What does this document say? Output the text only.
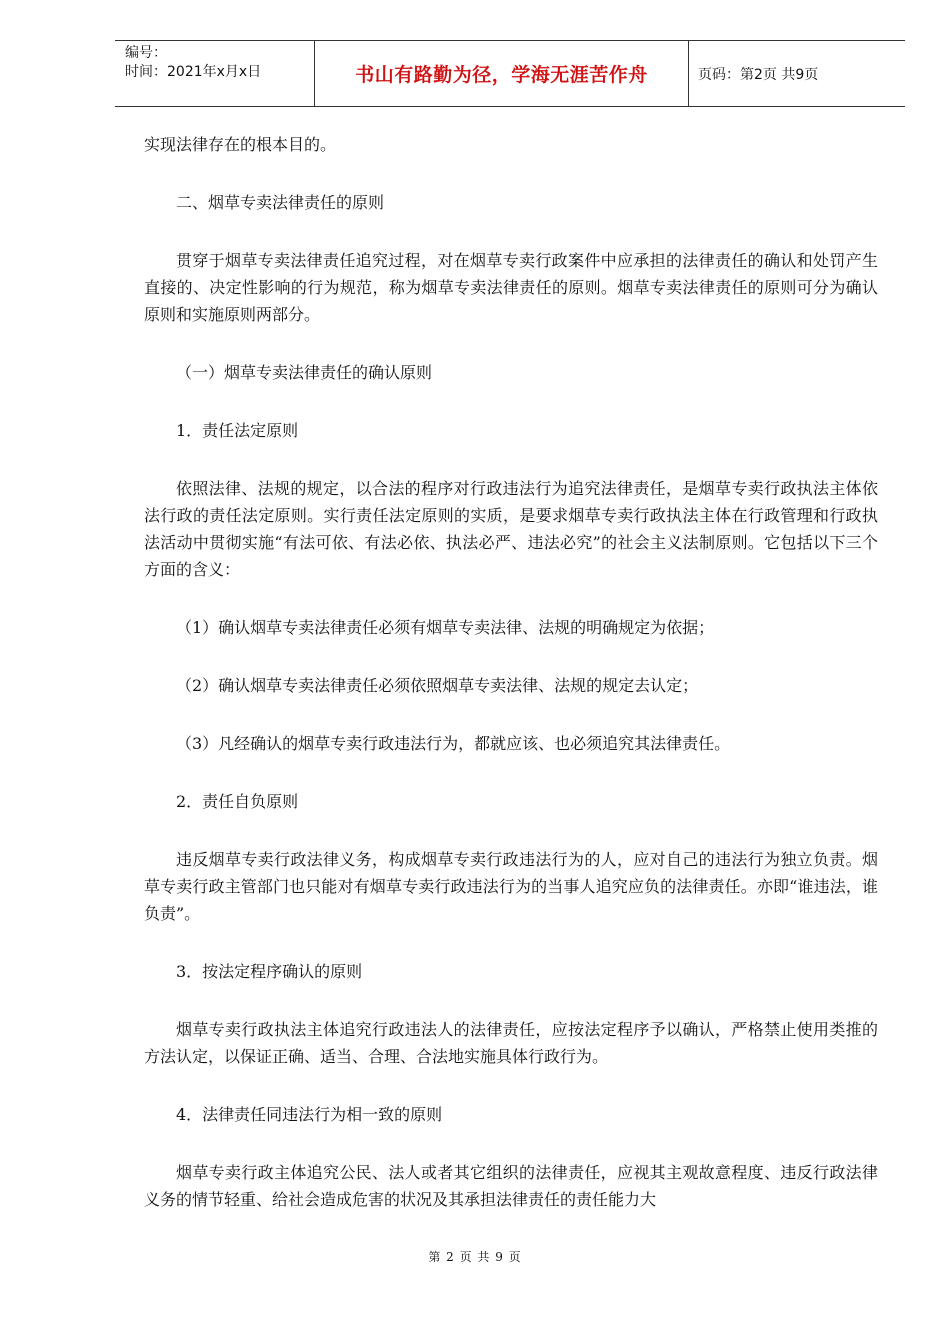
编号：
时间：2021年x月x日	书山有路勤为径，学海无涯苦作舟	页码：第2页 共9页

实现法律存在的根本目的。

二、烟草专卖法律责任的原则

贯穿于烟草专卖法律责任追究过程，对在烟草专卖行政案件中应承担的法律责任的确认和处罚产生直接的、决定性影响的行为规范，称为烟草专卖法律责任的原则。烟草专卖法律责任的原则可分为确认原则和实施原则两部分。

（一）烟草专卖法律责任的确认原则

1．责任法定原则

依照法律、法规的规定，以合法的程序对行政违法行为追究法律责任，是烟草专卖行政执法主体依法行政的责任法定原则。实行责任法定原则的实质，是要求烟草专卖行政执法主体在行政管理和行政执法活动中贯彻实施“有法可依、有法必依、执法必严、违法必究”的社会主义法制原则。它包括以下三个方面的含义：

（1）确认烟草专卖法律责任必须有烟草专卖法律、法规的明确规定为依据；

（2）确认烟草专卖法律责任必须依照烟草专卖法律、法规的规定去认定；

（3）凡经确认的烟草专卖行政违法行为，都就应该、也必须追究其法律责任。

2．责任自负原则

违反烟草专卖行政法律义务，构成烟草专卖行政违法行为的人，应对自己的违法行为独立负责。烟草专卖行政主管部门也只能对有烟草专卖行政违法行为的当事人追究应负的法律责任。亦即“谁违法，谁负责”。

3．按法定程序确认的原则

烟草专卖行政执法主体追究行政违法人的法律责任，应按法定程序予以确认，严格禁止使用类推的方法认定，以保证正确、适当、合理、合法地实施具体行政行为。

4．法律责任同违法行为相一致的原则

烟草专卖行政主体追究公民、法人或者其它组织的法律责任，应视其主观故意程度、违反行政法律义务的情节轻重、给社会造成危害的状况及其承担法律责任的责任能力大

第 2 页 共 9 页
